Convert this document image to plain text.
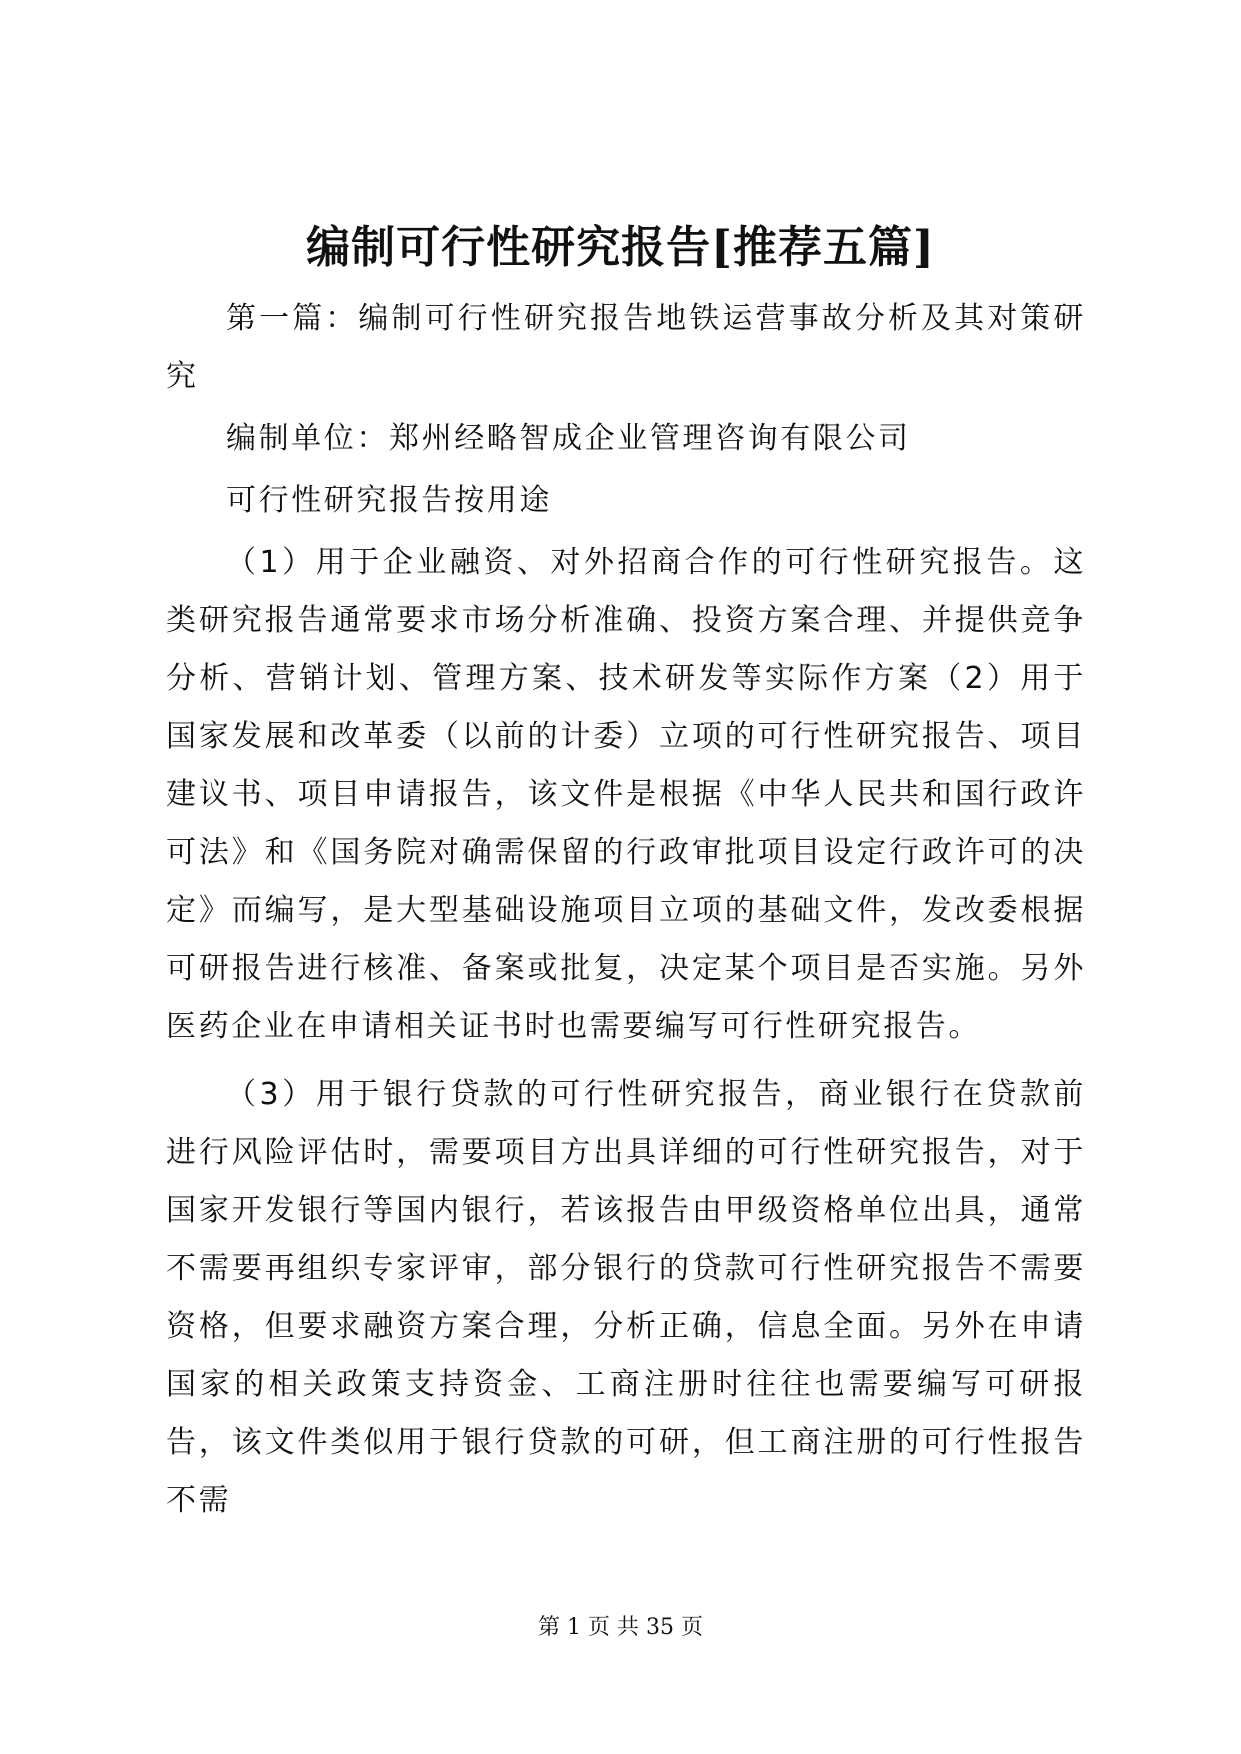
编制可行性研究报告[推荐五篇]

第一篇：编制可行性研究报告地铁运营事故分析及其对策研究

编制单位：郑州经略智成企业管理咨询有限公司

可行性研究报告按用途

（1）用于企业融资、对外招商合作的可行性研究报告。这类研究报告通常要求市场分析准确、投资方案合理、并提供竞争分析、营销计划、管理方案、技术研发等实际作方案（2）用于国家发展和改革委（以前的计委）立项的可行性研究报告、项目建议书、项目申请报告，该文件是根据《中华人民共和国行政许可法》和《国务院对确需保留的行政审批项目设定行政许可的决定》而编写，是大型基础设施项目立项的基础文件，发改委根据可研报告进行核准、备案或批复，决定某个项目是否实施。另外医药企业在申请相关证书时也需要编写可行性研究报告。

（3）用于银行贷款的可行性研究报告，商业银行在贷款前进行风险评估时，需要项目方出具详细的可行性研究报告，对于国家开发银行等国内银行，若该报告由甲级资格单位出具，通常不需要再组织专家评审，部分银行的贷款可行性研究报告不需要资格，但要求融资方案合理，分析正确，信息全面。另外在申请国家的相关政策支持资金、工商注册时往往也需要编写可研报告，该文件类似用于银行贷款的可研，但工商注册的可行性报告不需

第 1 页 共 35 页
